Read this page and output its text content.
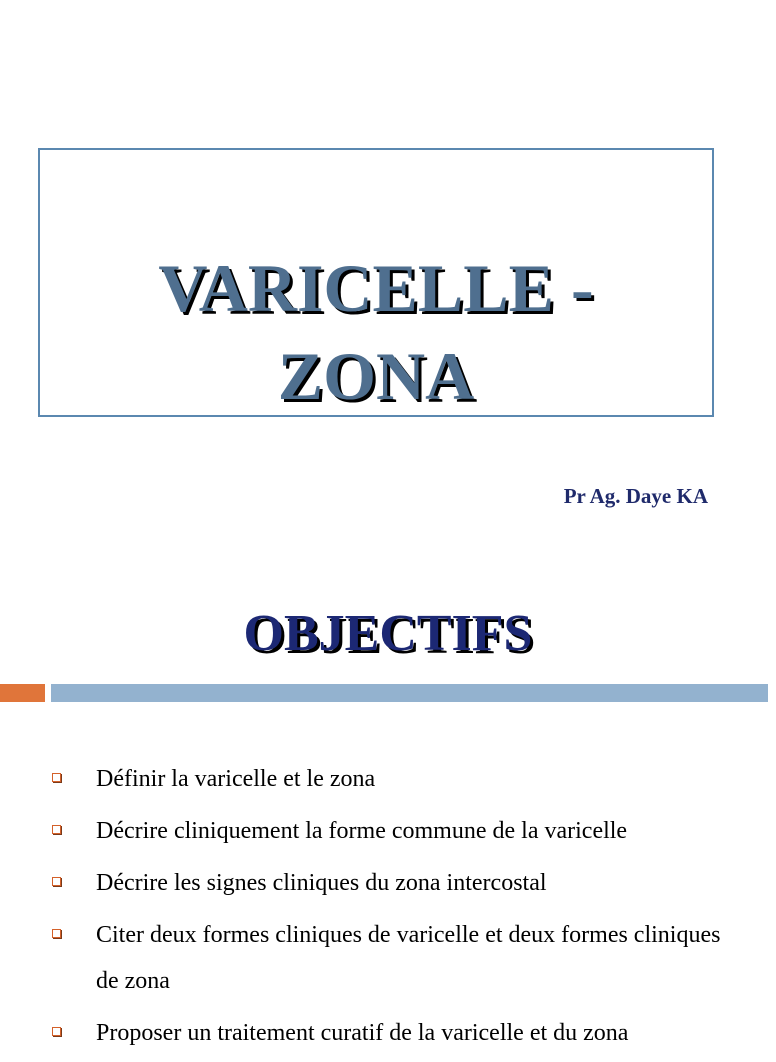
VARICELLE -
ZONA
Pr Ag. Daye KA
OBJECTIFS
Définir la varicelle et le zona
Décrire cliniquement la forme commune de la varicelle
Décrire les signes cliniques du zona intercostal
Citer deux formes cliniques de varicelle et deux formes cliniques de zona
Proposer un traitement curatif de la varicelle et du zona
